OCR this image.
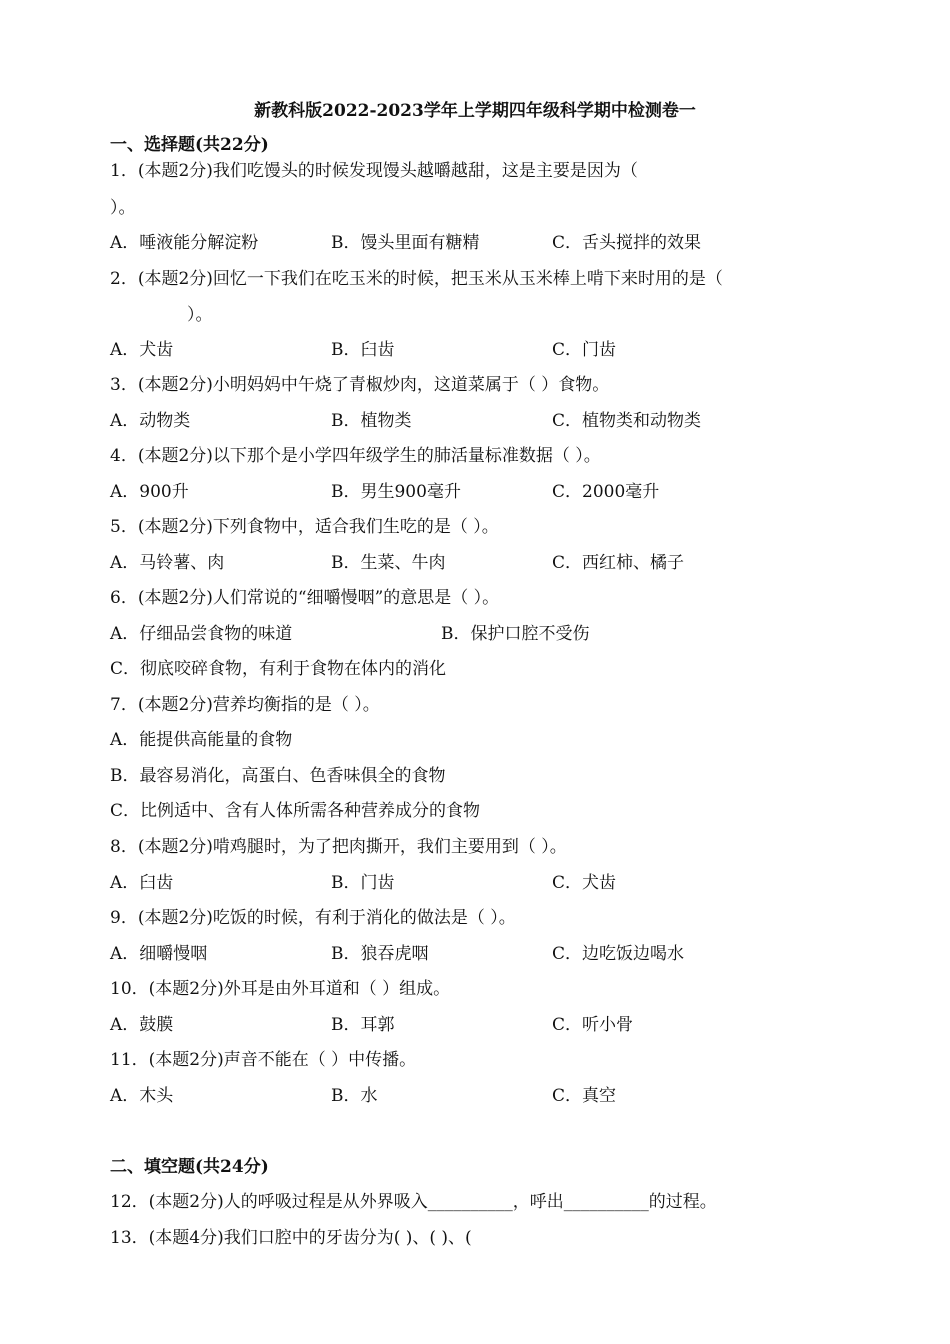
新教科版2022-2023学年上学期四年级科学期中检测卷一
一、选择题(共22分)
1．(本题2分)我们吃馒头的时候发现馒头越嚼越甜，这是主要是因为（
）。
A．唾液能分解淀粉	B．馒头里面有糖精	C．舌头搅拌的效果
2．(本题2分)回忆一下我们在吃玉米的时候，把玉米从玉米棒上啃下来时用的是（
）。
A．犬齿	B．臼齿	C．门齿
3．(本题2分)小明妈妈中午烧了青椒炒肉，这道菜属于（ ）食物。
A．动物类	B．植物类	C．植物类和动物类
4．(本题2分)以下那个是小学四年级学生的肺活量标准数据（ ）。
A．900升	B．男生900毫升	C．2000毫升
5．(本题2分)下列食物中，适合我们生吃的是（ ）。
A．马铃薯、肉	B．生菜、牛肉	C．西红柿、橘子
6．(本题2分)人们常说的“细嚼慢咽”的意思是（ ）。
A．仔细品尝食物的味道	B．保护口腔不受伤
C．彻底咬碎食物，有利于食物在体内的消化
7．(本题2分)营养均衡指的是（ ）。
A．能提供高能量的食物
B．最容易消化，高蛋白、色香味俱全的食物
C．比例适中、含有人体所需各种营养成分的食物
8．(本题2分)啃鸡腿时，为了把肉撕开，我们主要用到（ ）。
A．臼齿	B．门齿	C．犬齿
9．(本题2分)吃饭的时候，有利于消化的做法是（ ）。
A．细嚼慢咽	B．狼吞虎咽	C．边吃饭边喝水
10．(本题2分)外耳是由外耳道和（ ）组成。
A．鼓膜	B．耳郭	C．听小骨
11．(本题2分)声音不能在（ ）中传播。
A．木头	B．水	C．真空
二、填空题(共24分)
12．(本题2分)人的呼吸过程是从外界吸入__________，呼出__________的过程。
13．(本题4分)我们口腔中的牙齿分为( )、( )、(
